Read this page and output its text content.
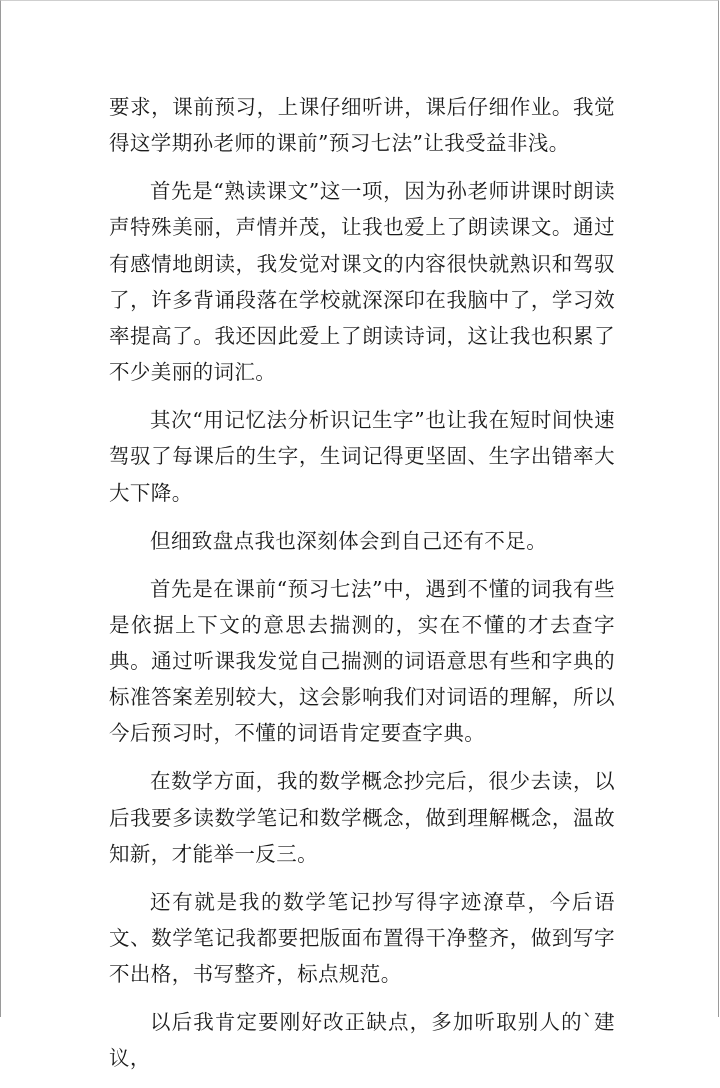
要求，课前预习，上课仔细听讲，课后仔细作业。我觉得这学期孙老师的课前”预习七法”让我受益非浅。

首先是“熟读课文”这一项，因为孙老师讲课时朗读声特殊美丽，声情并茂，让我也爱上了朗读课文。通过有感情地朗读，我发觉对课文的内容很快就熟识和驾驭了，许多背诵段落在学校就深深印在我脑中了，学习效率提高了。我还因此爱上了朗读诗词，这让我也积累了不少美丽的词汇。

其次“用记忆法分析识记生字”也让我在短时间快速驾驭了每课后的生字，生词记得更坚固、生字出错率大大下降。

但细致盘点我也深刻体会到自己还有不足。

首先是在课前“预习七法”中，遇到不懂的词我有些是依据上下文的意思去揣测的，实在不懂的才去查字典。通过听课我发觉自己揣测的词语意思有些和字典的标准答案差别较大，这会影响我们对词语的理解，所以今后预习时，不懂的词语肯定要查字典。

在数学方面，我的数学概念抄完后，很少去读，以后我要多读数学笔记和数学概念，做到理解概念，温故知新，才能举一反三。

还有就是我的数学笔记抄写得字迹潦草，今后语文、数学笔记我都要把版面布置得干净整齐，做到写字不出格，书写整齐，标点规范。

以后我肯定要刚好改正缺点，多加听取别人的`建议，
